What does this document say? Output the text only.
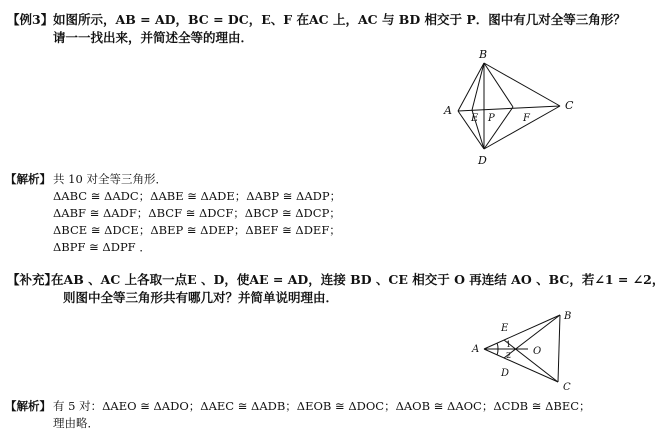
【例3】 如图所示，AB = AD，BC = DC，E、F 在AC 上，AC 与 BD 相交于 P．图中有几对全等三角形？
请一一找出来，并简述全等的理由．
B
A	C
D
E P	F
【解析】 共 10 对全等三角形．
ΔABC ≅ ΔADC；ΔABE ≅ ΔADE；ΔABP ≅ ΔADP；
ΔABF ≅ ΔADF；ΔBCF ≅ ΔDCF；ΔBCP ≅ ΔDCP；
ΔBCE ≅ ΔDCE；ΔBEP ≅ ΔDEP；ΔBEF ≅ ΔDEF；
ΔBPF ≅ ΔDPF ．
【补充】
在AB 、AC 上各取一点E 、D，使AE = AD，连接 BD 、CE 相交于 O 再连结 AO 、BC，若∠1 = ∠2，
则图中全等三角形共有哪几对？并简单说明理由．
B
A
C
E
D
O
1
2
【解析】 有 5 对：ΔAEO ≅ ΔADO；ΔAEC ≅ ΔADB；ΔEOB ≅ ΔDOC；ΔAOB ≅ ΔAOC；ΔCDB ≅ ΔBEC；
理由略．
